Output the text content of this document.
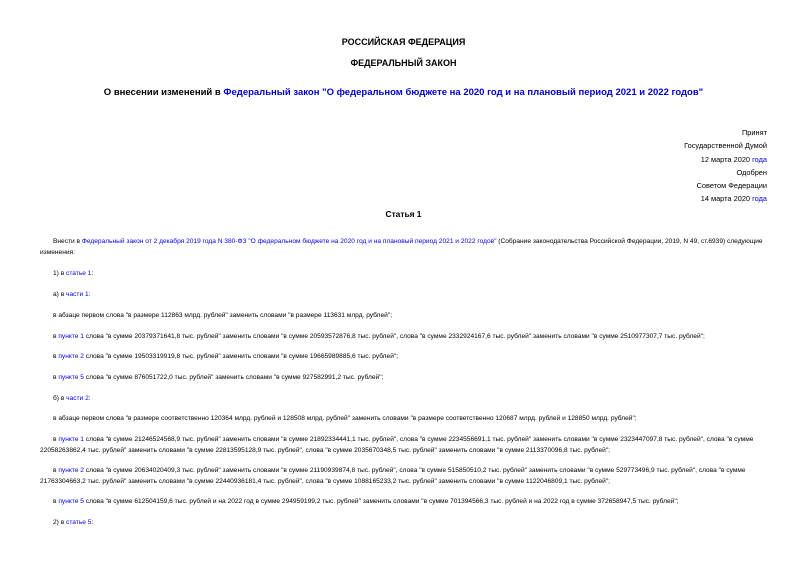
РОССИЙСКАЯ ФЕДЕРАЦИЯ
ФЕДЕРАЛЬНЫЙ ЗАКОН
О внесении изменений в Федеральный закон "О федеральном бюджете на 2020 год и на плановый период 2021 и 2022 годов"
Принят
Государственной Думой
12 марта 2020 года
Одобрен
Советом Федерации
14 марта 2020 года
Статья 1

Внести в Федеральный закон от 2 декабря 2019 года N 380-ФЗ "О федеральном бюджете на 2020 год и на плановый период 2021 и 2022 годов" (Собрание законодательства Российской Федерации, 2019, N 49, ст.6939) следующие изменения:

1) в статье 1:

а) в части 1:

в абзаце первом слова "в размере 112863 млрд. рублей" заменить словами "в размере 113631 млрд. рублей";

в пункте 1 слова "в сумме 20379371641,8 тыс. рублей" заменить словами "в сумме 20593572876,8 тыс. рублей", слова "в сумме 2332924167,6 тыс. рублей" заменить словами "в сумме 2510977307,7 тыс. рублей";

в пункте 2 слова "в сумме 19503319919,8 тыс. рублей" заменить словами "в сумме 19665989885,6 тыс. рублей";

в пункте 5 слова "в сумме 876051722,0 тыс. рублей" заменить словами "в сумме 927582991,2 тыс. рублей";

б) в части 2:

в абзаце первом слова "в размере соответственно 120364 млрд. рублей и 128508 млрд. рублей" заменить словами "в размере соответственно 120687 млрд. рублей и 128850 млрд. рублей";

в пункте 1 слова "в сумме 21246524568,9 тыс. рублей" заменить словами "в сумме 21892334441,1 тыс. рублей", слова "в сумме 2234556691,1 тыс. рублей" заменить словами "в сумме 2323447097,8 тыс. рублей", слова "в сумме 22058263862,4 тыс. рублей" заменить словами "в сумме 22813595128,9 тыс. рублей", слова "в сумме 2035670348,5 тыс. рублей" заменить словами "в сумме 2113370096,8 тыс. рублей";

в пункте 2 слова "в сумме 20634020409,3 тыс. рублей" заменить словами "в сумме 21190939874,8 тыс. рублей", слова "в сумме 515850510,2 тыс. рублей" заменить словами "в сумме 529773496,9 тыс. рублей", слова "в сумме 21763304663,2 тыс. рублей" заменить словами "в сумме 22440936181,4 тыс. рублей", слова "в сумме 1088165233,2 тыс. рублей" заменить словами "в сумме 1122046809,1 тыс. рублей";

в пункте 5 слова "в сумме 612504159,6 тыс. рублей и на 2022 год в сумме 294959199,2 тыс. рублей" заменить словами "в сумме 701394566,3 тыс. рублей и на 2022 год в сумме 372658947,5 тыс. рублей";

2) в статье 5:
